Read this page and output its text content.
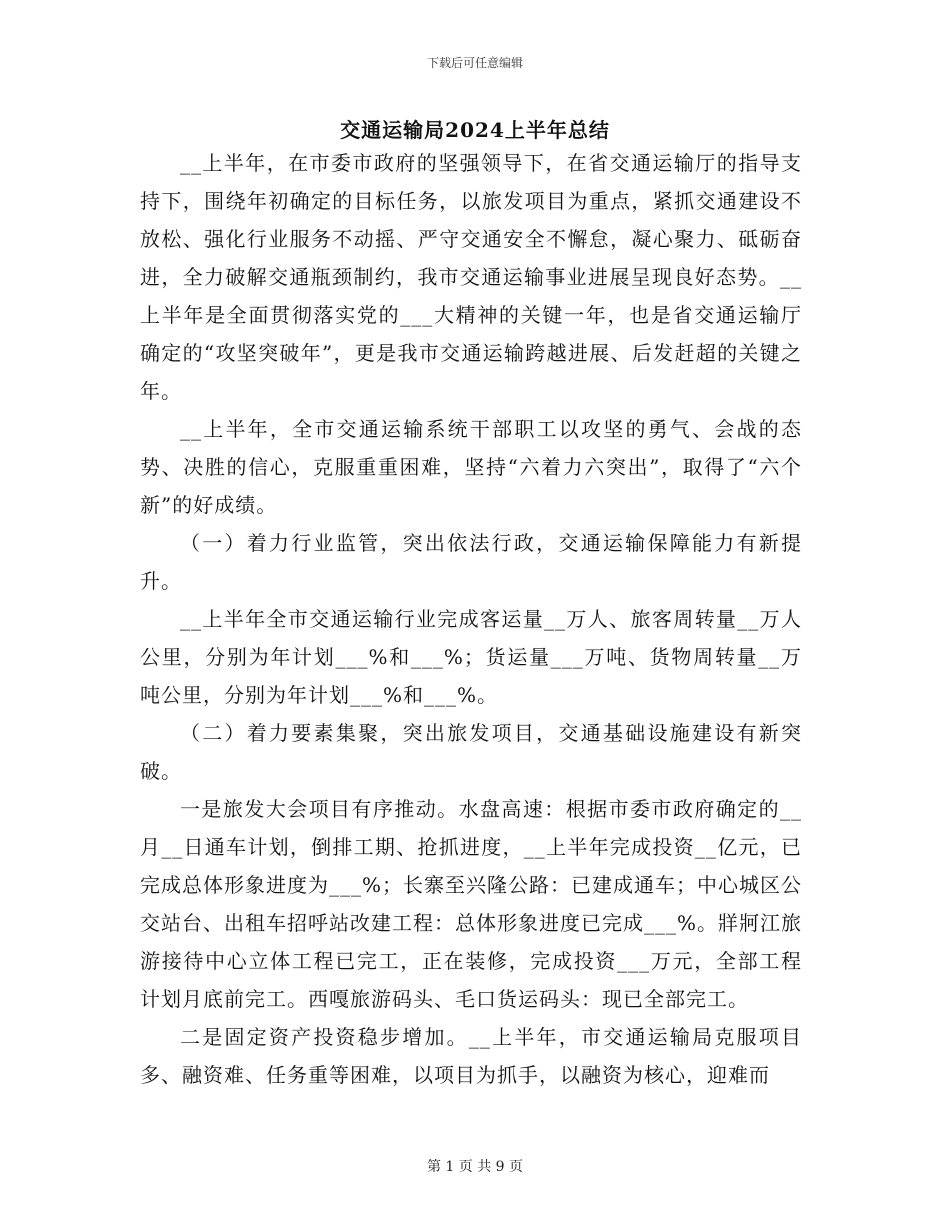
下载后可任意编辑
交通运输局2024上半年总结

__上半年，在市委市政府的坚强领导下，在省交通运输厅的指导支持下，围绕年初确定的目标任务，以旅发项目为重点，紧抓交通建设不放松、强化行业服务不动摇、严守交通安全不懈怠，凝心聚力、砥砺奋进，全力破解交通瓶颈制约，我市交通运输事业进展呈现良好态势。__上半年是全面贯彻落实党的___大精神的关键一年，也是省交通运输厅确定的“攻坚突破年”，更是我市交通运输跨越进展、后发赶超的关键之年。

__上半年，全市交通运输系统干部职工以攻坚的勇气、会战的态势、决胜的信心，克服重重困难，坚持“六着力六突出”，取得了“六个新”的好成绩。

（一）着力行业监管，突出依法行政，交通运输保障能力有新提升。

__上半年全市交通运输行业完成客运量__万人、旅客周转量__万人公里，分别为年计划___%和___%；货运量___万吨、货物周转量__万吨公里，分别为年计划___%和___%。

（二）着力要素集聚，突出旅发项目，交通基础设施建设有新突破。

一是旅发大会项目有序推动。水盘高速：根据市委市政府确定的__月__日通车计划，倒排工期、抢抓进度，__上半年完成投资__亿元，已完成总体形象进度为___%；长寨至兴隆公路：已建成通车；中心城区公交站台、出租车招呼站改建工程：总体形象进度已完成___%。牂牁江旅游接待中心立体工程已完工，正在装修，完成投资___万元，全部工程计划月底前完工。西嘎旅游码头、毛口货运码头：现已全部完工。

二是固定资产投资稳步增加。__上半年，市交通运输局克服项目多、融资难、任务重等困难，以项目为抓手，以融资为核心，迎难而

第 1 页 共 9 页
